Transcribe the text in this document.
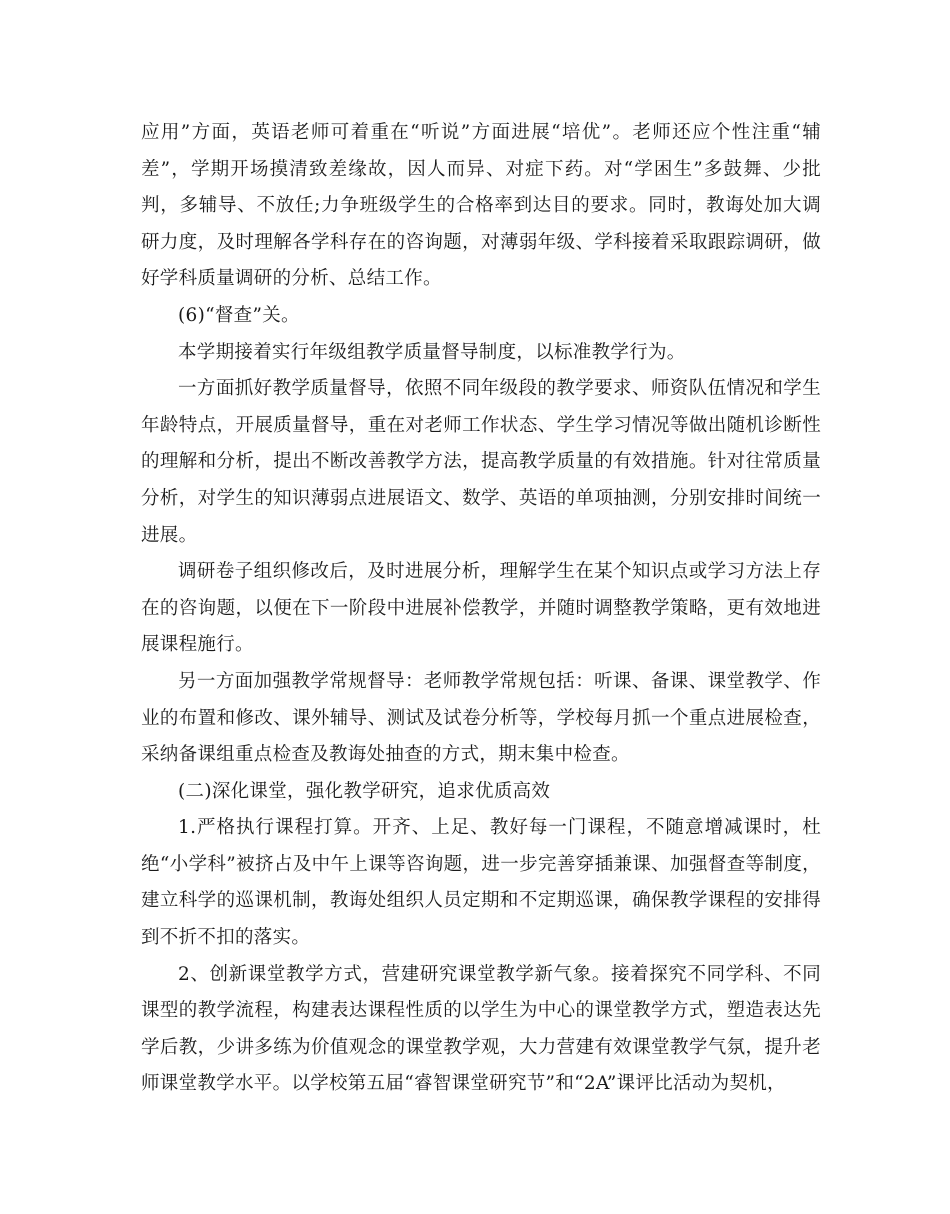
应用”方面，英语老师可着重在“听说”方面进展“培优”。老师还应个性注重“辅差”，学期开场摸清致差缘故，因人而异、对症下药。对“学困生”多鼓舞、少批判，多辅导、不放任;力争班级学生的合格率到达目的要求。同时，教诲处加大调研力度，及时理解各学科存在的咨询题，对薄弱年级、学科接着采取跟踪调研，做好学科质量调研的分析、总结工作。

(6)“督查”关。

本学期接着实行年级组教学质量督导制度，以标准教学行为。

一方面抓好教学质量督导，依照不同年级段的教学要求、师资队伍情况和学生年龄特点，开展质量督导，重在对老师工作状态、学生学习情况等做出随机诊断性的理解和分析，提出不断改善教学方法，提高教学质量的有效措施。针对往常质量分析，对学生的知识薄弱点进展语文、数学、英语的单项抽测，分别安排时间统一进展。

调研卷子组织修改后，及时进展分析，理解学生在某个知识点或学习方法上存在的咨询题，以便在下一阶段中进展补偿教学，并随时调整教学策略，更有效地进展课程施行。

另一方面加强教学常规督导：老师教学常规包括：听课、备课、课堂教学、作业的布置和修改、课外辅导、测试及试卷分析等，学校每月抓一个重点进展检查，采纳备课组重点检查及教诲处抽查的方式，期末集中检查。

(二)深化课堂，强化教学研究，追求优质高效

1.严格执行课程打算。开齐、上足、教好每一门课程，不随意增减课时，杜绝“小学科”被挤占及中午上课等咨询题，进一步完善穿插兼课、加强督查等制度，建立科学的巡课机制，教诲处组织人员定期和不定期巡课，确保教学课程的安排得到不折不扣的落实。

2、创新课堂教学方式，营建研究课堂教学新气象。接着探究不同学科、不同课型的教学流程，构建表达课程性质的以学生为中心的课堂教学方式，塑造表达先学后教，少讲多练为价值观念的课堂教学观，大力营建有效课堂教学气氛，提升老师课堂教学水平。以学校第五届“睿智课堂研究节”和“2A”课评比活动为契机，
